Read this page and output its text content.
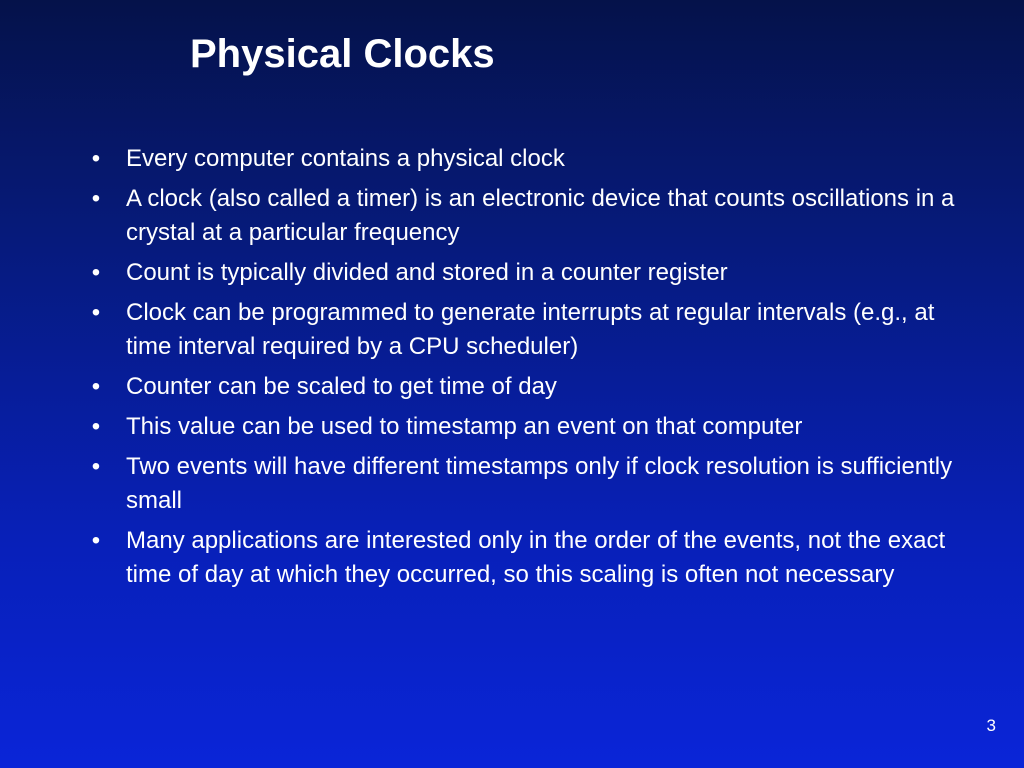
Physical Clocks
• Every computer contains a physical clock
• A clock (also called a timer) is an electronic device that counts oscillations in a crystal at a particular frequency
• Count is typically divided and stored in a counter register
• Clock can be programmed to generate interrupts at regular intervals (e.g., at time interval required by a CPU scheduler)
• Counter can be scaled to get time of day
• This value can be used to timestamp an event on that computer
• Two events will have different timestamps only if clock resolution is sufficiently small
• Many applications are interested only in the order of the events, not the exact time of day at which they occurred, so this scaling is often not necessary
3
